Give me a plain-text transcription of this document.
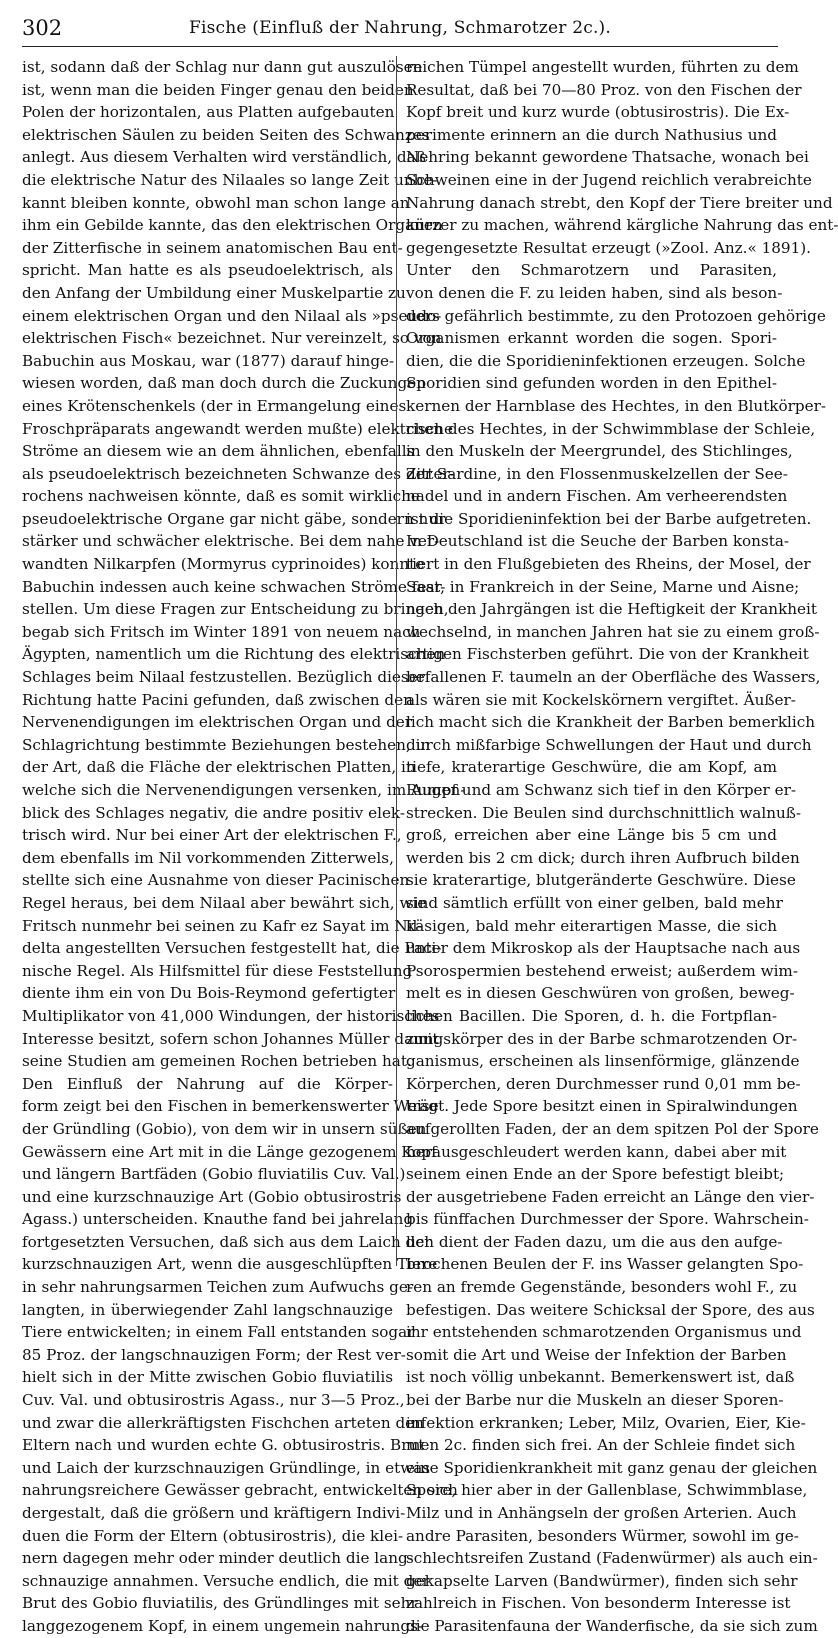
302	Fische (Einfluß der Nahrung, Schmarotzer 2c.).
ist, sodann daß der Schlag nur dann gut auszulösen
ist, wenn man die beiden Finger genau den beiden
Polen der horizontalen, aus Platten aufgebauten
elektrischen Säulen zu beiden Seiten des Schwanzes
anlegt. Aus diesem Verhalten wird verständlich, daß
die elektrische Natur des Nilaales so lange Zeit unbe-
kannt bleiben konnte, obwohl man schon lange an
ihm ein Gebilde kannte, das den elektrischen Organen
der Zitterfische in seinem anatomischen Bau ent-
spricht. Man hatte es als pseudoelektrisch, als
den Anfang der Umbildung einer Muskelpartie zu
einem elektrischen Organ und den Nilaal als »pseudo-
elektrischen Fisch« bezeichnet. Nur vereinzelt, so von
Babuchin aus Moskau, war (1877) darauf hinge-
wiesen worden, daß man doch durch die Zuckungen
eines Krötenschenkels (der in Ermangelung eines
Froschpräparats angewandt werden mußte) elektrische
Ströme an diesem wie an dem ähnlichen, ebenfalls
als pseudoelektrisch bezeichneten Schwanze des Zitter-
rochens nachweisen könnte, daß es somit wirkliche
pseudoelektrische Organe gar nicht gäbe, sondern nur
stärker und schwächer elektrische. Bei dem nahe ver-
wandten Nilkarpfen (Mormyrus cyprinoides) konnte
Babuchin indessen auch keine schwachen Ströme fest-
stellen. Um diese Fragen zur Entscheidung zu bringen,
begab sich Fritsch im Winter 1891 von neuem nach
Ägypten, namentlich um die Richtung des elektrischen
Schlages beim Nilaal festzustellen. Bezüglich dieser
Richtung hatte Pacini gefunden, daß zwischen den
Nervenendigungen im elektrischen Organ und der
Schlagrichtung bestimmte Beziehungen bestehen, in
der Art, daß die Fläche der elektrischen Platten, in
welche sich die Nervenendigungen versenken, im Augen-
blick des Schlages negativ, die andre positiv elek-
trisch wird. Nur bei einer Art der elektrischen F.,
dem ebenfalls im Nil vorkommenden Zitterwels,
stellte sich eine Ausnahme von dieser Pacinischen
Regel heraus, bei dem Nilaal aber bewährt sich, wie
Fritsch nunmehr bei seinen zu Kafr ez Sayat im Nil-
delta angestellten Versuchen festgestellt hat, die Paci-
nische Regel. Als Hilfsmittel für diese Feststellung
diente ihm ein von Du Bois-Reymond gefertigter
Multiplikator von 41,000 Windungen, der historisches
Interesse besitzt, sofern schon Johannes Müller damit
seine Studien am gemeinen Rochen betrieben hat.
Den Einfluß der Nahrung auf die Körper-
form zeigt bei den Fischen in bemerkenswerter Weise
der Gründling (Gobio), von dem wir in unsern süßen
Gewässern eine Art mit in die Länge gezogenem Kopf
und längern Bartfäden (Gobio fluviatilis Cuv. Val.)
und eine kurzschnauzige Art (Gobio obtusirostris
Agass.) unterscheiden. Knauthe fand bei jahrelang
fortgesetzten Versuchen, daß sich aus dem Laich der
kurzschnauzigen Art, wenn die ausgeschlüpften Tiere
in sehr nahrungsarmen Teichen zum Aufwuchs ge-
langten, in überwiegender Zahl langschnauzige
Tiere entwickelten; in einem Fall entstanden sogar
85 Proz. der langschnauzigen Form; der Rest ver-
hielt sich in der Mitte zwischen Gobio fluviatilis
Cuv. Val. und obtusirostris Agass., nur 3—5 Proz.,
und zwar die allerkräftigsten Fischchen arteten den
Eltern nach und wurden echte G. obtusirostris. Brut
und Laich der kurzschnauzigen Gründlinge, in etwas
nahrungsreichere Gewässer gebracht, entwickelten sich
dergestalt, daß die größern und kräftigern Indivi-
duen die Form der Eltern (obtusirostris), die klei-
nern dagegen mehr oder minder deutlich die lang-
schnauzige annahmen. Versuche endlich, die mit der
Brut des Gobio fluviatilis, des Gründlinges mit sehr
langgezogenem Kopf, in einem ungemein nahrungs-
reichen Tümpel angestellt wurden, führten zu dem
Resultat, daß bei 70—80 Proz. von den Fischen der
Kopf breit und kurz wurde (obtusirostris). Die Ex-
perimente erinnern an die durch Nathusius und
Nehring bekannt gewordene Thatsache, wonach bei
Schweinen eine in der Jugend reichlich verabreichte
Nahrung danach strebt, den Kopf der Tiere breiter und
kürzer zu machen, während kärgliche Nahrung das ent-
gegengesetzte Resultat erzeugt (»Zool. Anz.« 1891).
Unter den Schmarotzern und Parasiten,
von denen die F. zu leiden haben, sind als beson-
ders gefährlich bestimmte, zu den Protozoen gehörige
Organismen erkannt worden die sogen. Spori-
dien, die die Sporidieninfektionen erzeugen. Solche
Sporidien sind gefunden worden in den Epithel-
kernen der Harnblase des Hechtes, in den Blutkörper-
chen des Hechtes, in der Schwimmblase der Schleie,
in den Muskeln der Meergrundel, des Stichlinges,
der Sardine, in den Flossenmuskelzellen der See-
nadel und in andern Fischen. Am verheerendsten
ist die Sporidieninfektion bei der Barbe aufgetreten.
In Deutschland ist die Seuche der Barben konsta-
tiert in den Flußgebieten des Rheins, der Mosel, der
Saar, in Frankreich in der Seine, Marne und Aisne;
nach den Jahrgängen ist die Heftigkeit der Krankheit
wechselnd, in manchen Jahren hat sie zu einem groß-
artigen Fischsterben geführt. Die von der Krankheit
befallenen F. taumeln an der Oberfläche des Wassers,
als wären sie mit Kockelskörnern vergiftet. Äußer-
lich macht sich die Krankheit der Barben bemerklich
durch mißfarbige Schwellungen der Haut und durch
tiefe, kraterartige Geschwüre, die am Kopf, am
Rumpf und am Schwanz sich tief in den Körper er-
strecken. Die Beulen sind durchschnittlich walnuß-
groß, erreichen aber eine Länge bis 5 cm und
werden bis 2 cm dick; durch ihren Aufbruch bilden
sie kraterartige, blutgeränderte Geschwüre. Diese
sind sämtlich erfüllt von einer gelben, bald mehr
käsigen, bald mehr eiterartigen Masse, die sich
unter dem Mikroskop als der Hauptsache nach aus
Psorospermien bestehend erweist; außerdem wim-
melt es in diesen Geschwüren von großen, beweg-
lichen Bacillen. Die Sporen, d. h. die Fortpflan-
zungskörper des in der Barbe schmarotzenden Or-
ganismus, erscheinen als linsenförmige, glänzende
Körperchen, deren Durchmesser rund 0,01 mm be-
trägt. Jede Spore besitzt einen in Spiralwindungen
aufgerollten Faden, der an dem spitzen Pol der Spore
herausgeschleudert werden kann, dabei aber mit
seinem einen Ende an der Spore befestigt bleibt;
der ausgetriebene Faden erreicht an Länge den vier-
bis fünffachen Durchmesser der Spore. Wahrschein-
lich dient der Faden dazu, um die aus den aufge-
brochenen Beulen der F. ins Wasser gelangten Spo-
ren an fremde Gegenstände, besonders wohl F., zu
befestigen. Das weitere Schicksal der Spore, des aus
ihr entstehenden schmarotzenden Organismus und
somit die Art und Weise der Infektion der Barben
ist noch völlig unbekannt. Bemerkenswert ist, daß
bei der Barbe nur die Muskeln an dieser Sporen-
infektion erkranken; Leber, Milz, Ovarien, Eier, Kie-
men 2c. finden sich frei. An der Schleie findet sich
eine Sporidienkrankheit mit ganz genau der gleichen
Spore, hier aber in der Gallenblase, Schwimmblase,
Milz und in Anhängseln der großen Arterien. Auch
andre Parasiten, besonders Würmer, sowohl im ge-
schlechtsreifen Zustand (Fadenwürmer) als auch ein-
gekapselte Larven (Bandwürmer), finden sich sehr
zahlreich in Fischen. Von besonderm Interesse ist
die Parasitenfauna der Wanderfische, da sie sich zum
